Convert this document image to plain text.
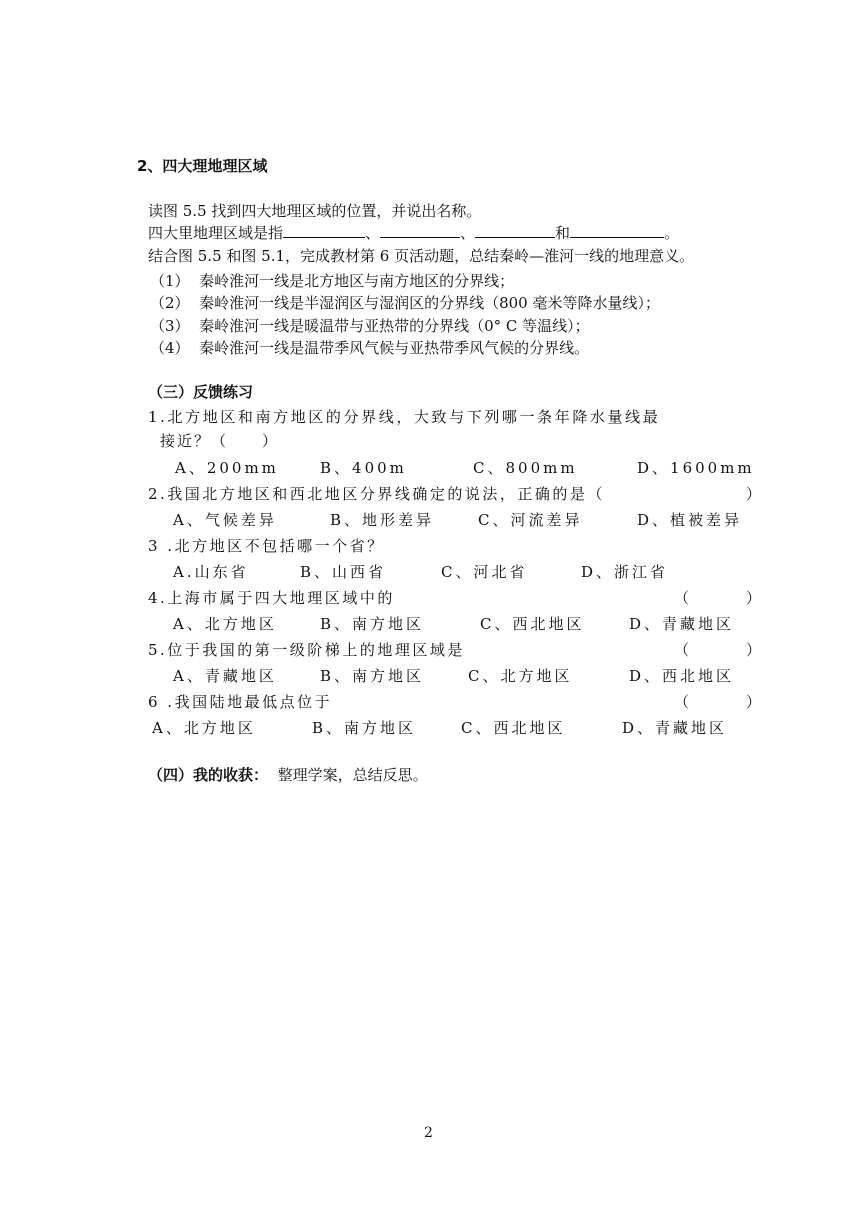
2、四大理地理区域
读图 5.5 找到四大地理区域的位置，并说出名称。
四大里地理区域是指	、	、	和	。
结合图 5.5 和图 5.1，完成教材第 6 页活动题，总结秦岭—淮河一线的地理意义。
（1） 秦岭淮河一线是北方地区与南方地区的分界线；
（2） 秦岭淮河一线是半湿润区与湿润区的分界线（800 毫米等降水量线）；
（3） 秦岭淮河一线是暖温带与亚热带的分界线（0° C 等温线）；
（4） 秦岭淮河一线是温带季风气候与亚热带季风气候的分界线。
（三）反馈练习
1.北方地区和南方地区的分界线，大致与下列哪一条年降水量线最
接近？（　　）
A、200mm	B、400m	C、800mm	D、1600mm
2.我国北方地区和西北地区分界线确定的说法，正确的是（	）
A、气候差异	B、地形差异	C、河流差异	D、植被差异
3 .北方地区不包括哪一个省？
A.山东省	B、山西省	C、河北省	D、浙江省
4.上海市属于四大地理区域中的	（	）
A、北方地区	B、南方地区	C、西北地区	D、青藏地区
5.位于我国的第一级阶梯上的地理区域是	（	）
A、青藏地区	B、南方地区	C、北方地区	D、西北地区
6 .我国陆地最低点位于	（	）
A、北方地区	B、南方地区	C、西北地区	D、青藏地区
（四）我的收获： 整理学案，总结反思。
2
